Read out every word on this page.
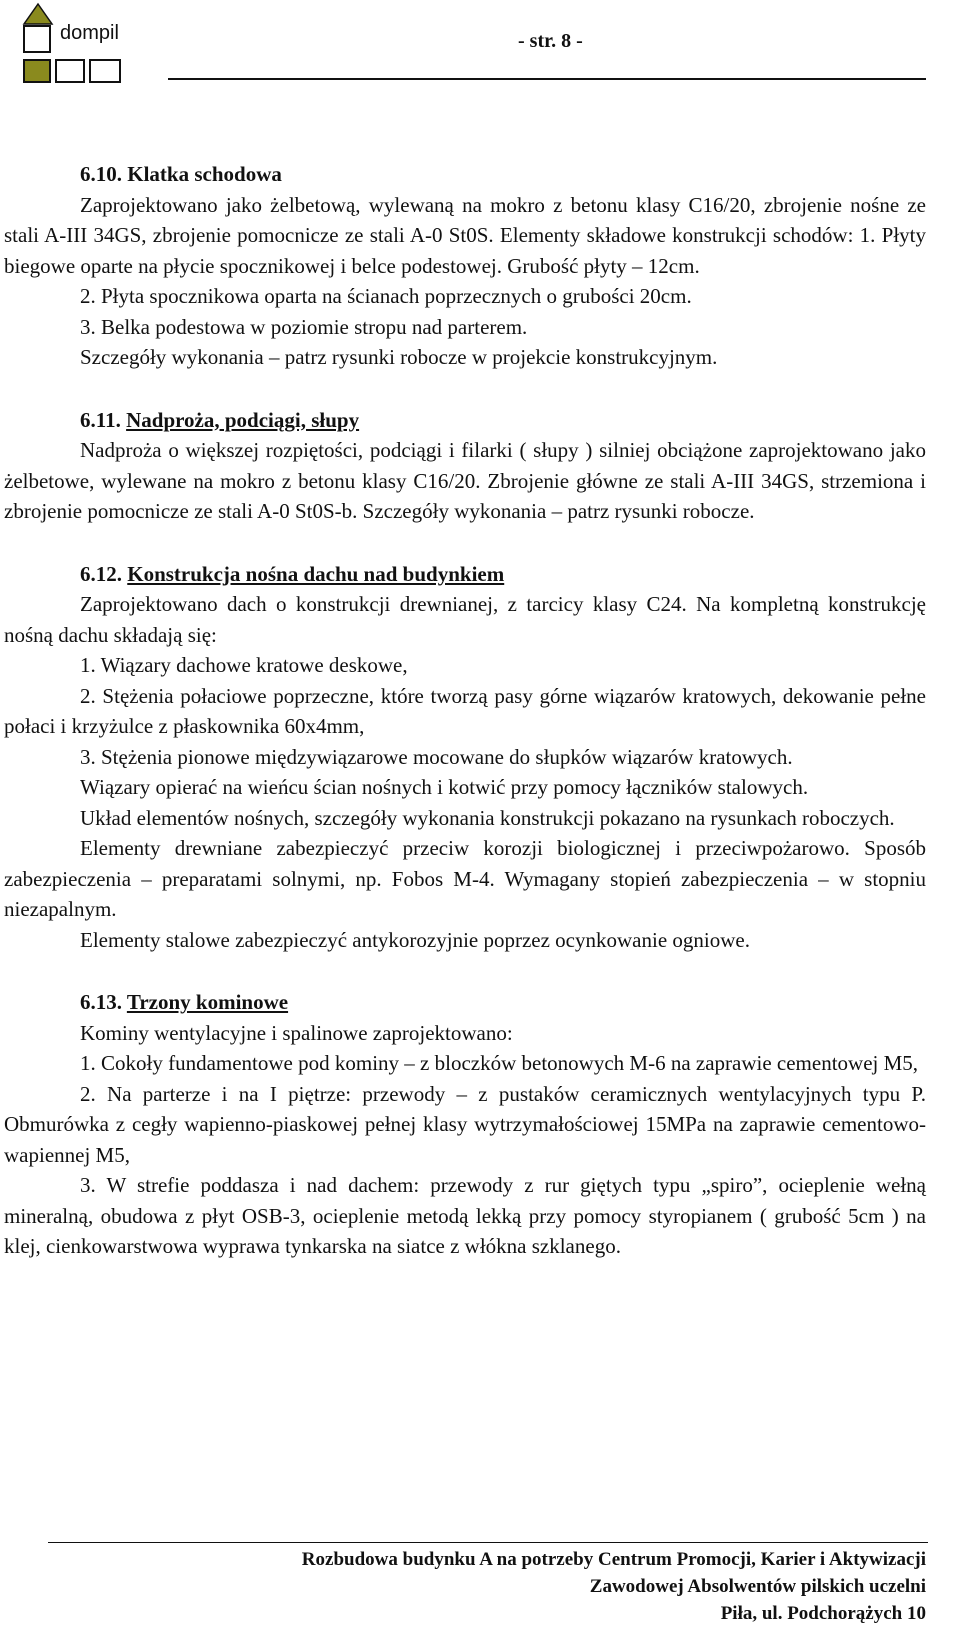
dompil	- str. 8 -

6.10. Klatka schodowa

Zaprojektowano jako żelbetową, wylewaną na mokro z betonu klasy C16/20, zbrojenie nośne ze stali A-III 34GS, zbrojenie pomocnicze ze stali A-0 St0S. Elementy składowe konstrukcji schodów: 1. Płyty biegowe oparte na płycie spocznikowej i belce podestowej. Grubość płyty – 12cm.

2. Płyta spocznikowa oparta na ścianach poprzecznych o grubości 20cm.

3. Belka podestowa w poziomie stropu nad parterem.

Szczegóły wykonania – patrz rysunki robocze w projekcie konstrukcyjnym.

6.11. Nadproża, podciągi, słupy

Nadproża o większej rozpiętości, podciągi i filarki ( słupy ) silniej obciążone zaprojektowano jako żelbetowe, wylewane na mokro z betonu klasy C16/20. Zbrojenie główne ze stali A-III 34GS, strzemiona i zbrojenie pomocnicze ze stali A-0 St0S-b. Szczegóły wykonania – patrz rysunki robocze.

6.12. Konstrukcja nośna dachu nad budynkiem

Zaprojektowano dach o konstrukcji drewnianej, z tarcicy klasy C24. Na kompletną konstrukcję nośną dachu składają się:

1. Wiązary dachowe kratowe deskowe,

2. Stężenia połaciowe poprzeczne, które tworzą pasy górne wiązarów kratowych, dekowanie pełne połaci i krzyżulce z płaskownika 60x4mm,

3. Stężenia pionowe międzywiązarowe mocowane do słupków wiązarów kratowych.

Wiązary opierać na wieńcu ścian nośnych i kotwić przy pomocy łączników stalowych.

Układ elementów nośnych, szczegóły wykonania konstrukcji pokazano na rysunkach roboczych.

Elementy drewniane zabezpieczyć przeciw korozji biologicznej i przeciwpożarowo. Sposób zabezpieczenia – preparatami solnymi, np. Fobos M-4. Wymagany stopień zabezpieczenia – w stopniu niezapalnym.

Elementy stalowe zabezpieczyć antykorozyjnie poprzez ocynkowanie ogniowe.

6.13. Trzony kominowe

Kominy wentylacyjne i spalinowe zaprojektowano:

1. Cokoły fundamentowe pod kominy – z bloczków betonowych M-6 na zaprawie cementowej M5,

2. Na parterze i na I piętrze: przewody – z pustaków ceramicznych wentylacyjnych typu P. Obmurówka z cegły wapienno-piaskowej pełnej klasy wytrzymałościowej 15MPa na zaprawie cementowo-wapiennej M5,

3. W strefie poddasza i nad dachem: przewody z rur giętych typu „spiro”, ocieplenie wełną mineralną, obudowa z płyt OSB-3, ocieplenie metodą lekką przy pomocy styropianem ( grubość 5cm ) na klej, cienkowarstwowa wyprawa tynkarska na siatce z włókna szklanego.

Rozbudowa budynku A na potrzeby Centrum Promocji, Karier i Aktywizacji
Zawodowej Absolwentów pilskich uczelni
Piła, ul. Podchorążych 10
